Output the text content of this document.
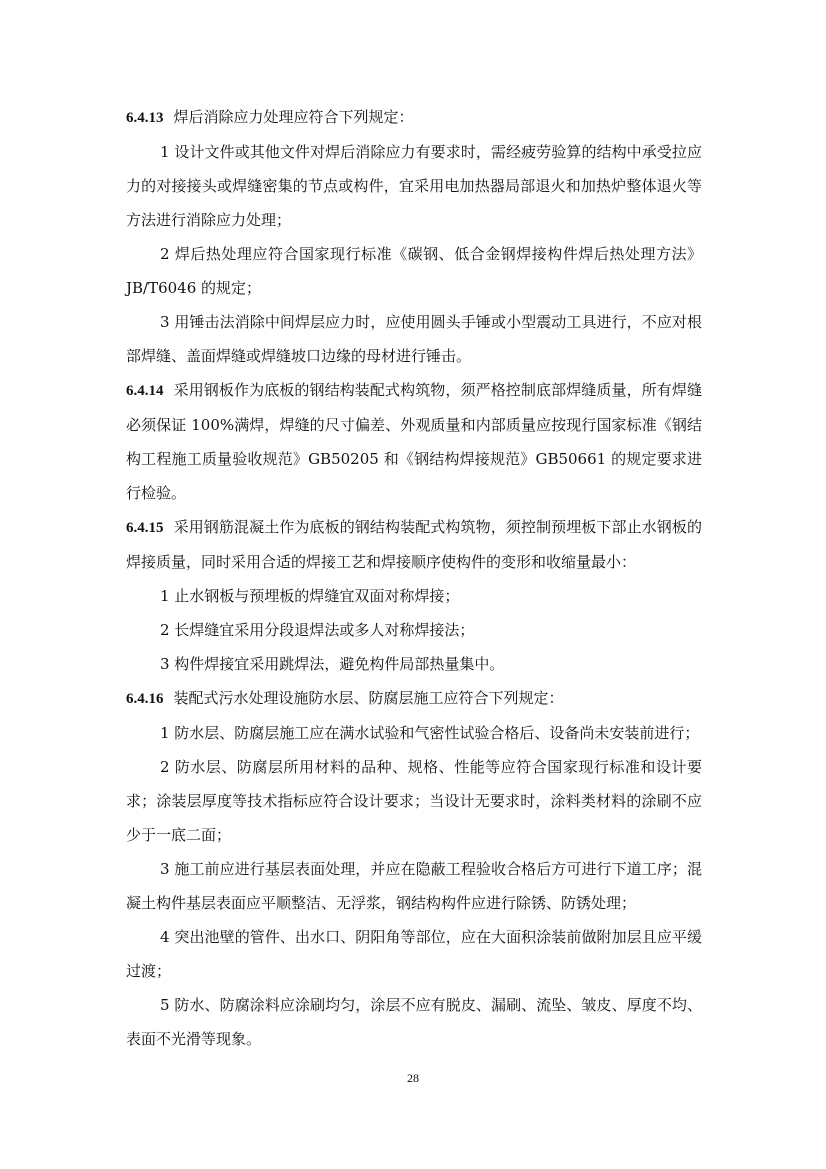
6.4.13 焊后消除应力处理应符合下列规定：

1 设计文件或其他文件对焊后消除应力有要求时，需经疲劳验算的结构中承受拉应力的对接接头或焊缝密集的节点或构件，宜采用电加热器局部退火和加热炉整体退火等方法进行消除应力处理；

2 焊后热处理应符合国家现行标准《碳钢、低合金钢焊接构件焊后热处理方法》JB/T6046 的规定；

3 用锤击法消除中间焊层应力时，应使用圆头手锤或小型震动工具进行，不应对根部焊缝、盖面焊缝或焊缝坡口边缘的母材进行锤击。

6.4.14 采用钢板作为底板的钢结构装配式构筑物，须严格控制底部焊缝质量，所有焊缝必须保证 100%满焊，焊缝的尺寸偏差、外观质量和内部质量应按现行国家标准《钢结构工程施工质量验收规范》GB50205 和《钢结构焊接规范》GB50661 的规定要求进行检验。

6.4.15 采用钢筋混凝土作为底板的钢结构装配式构筑物，须控制预埋板下部止水钢板的焊接质量，同时采用合适的焊接工艺和焊接顺序使构件的变形和收缩量最小：

1 止水钢板与预埋板的焊缝宜双面对称焊接；

2 长焊缝宜采用分段退焊法或多人对称焊接法；

3 构件焊接宜采用跳焊法，避免构件局部热量集中。

6.4.16 装配式污水处理设施防水层、防腐层施工应符合下列规定：

1 防水层、防腐层施工应在满水试验和气密性试验合格后、设备尚未安装前进行；

2 防水层、防腐层所用材料的品种、规格、性能等应符合国家现行标准和设计要求；涂装层厚度等技术指标应符合设计要求；当设计无要求时，涂料类材料的涂刷不应少于一底二面；

3 施工前应进行基层表面处理，并应在隐蔽工程验收合格后方可进行下道工序；混凝土构件基层表面应平顺整洁、无浮浆，钢结构构件应进行除锈、防锈处理；

4 突出池壁的管件、出水口、阴阳角等部位，应在大面积涂装前做附加层且应平缓过渡；

5 防水、防腐涂料应涂刷均匀，涂层不应有脱皮、漏刷、流坠、皱皮、厚度不均、表面不光滑等现象。

28
